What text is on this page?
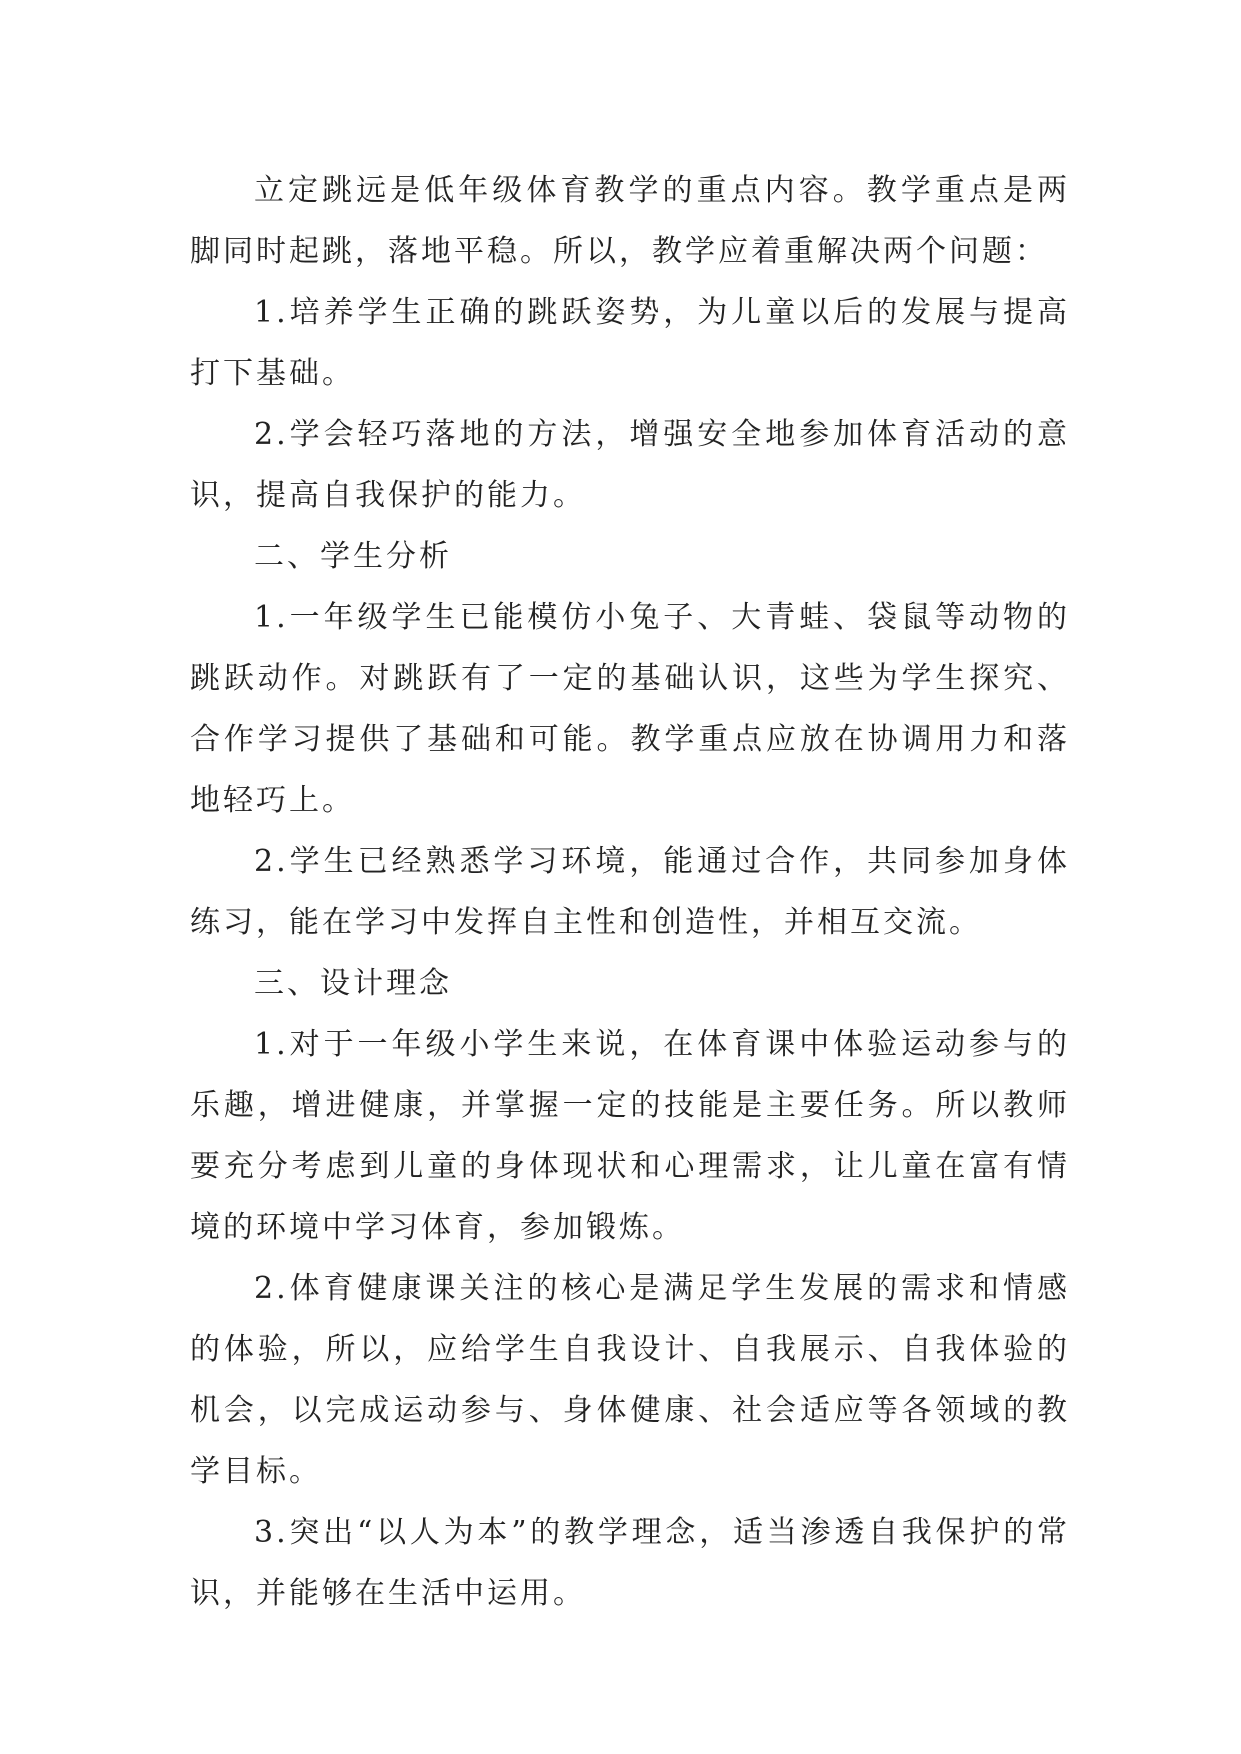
立定跳远是低年级体育教学的重点内容。教学重点是两脚同时起跳，落地平稳。所以，教学应着重解决两个问题：

1.培养学生正确的跳跃姿势，为儿童以后的发展与提高打下基础。

2.学会轻巧落地的方法，增强安全地参加体育活动的意识，提高自我保护的能力。

二、学生分析

1.一年级学生已能模仿小兔子、大青蛙、袋鼠等动物的跳跃动作。对跳跃有了一定的基础认识，这些为学生探究、合作学习提供了基础和可能。教学重点应放在协调用力和落地轻巧上。

2.学生已经熟悉学习环境，能通过合作，共同参加身体练习，能在学习中发挥自主性和创造性，并相互交流。

三、设计理念

1.对于一年级小学生来说，在体育课中体验运动参与的乐趣，增进健康，并掌握一定的技能是主要任务。所以教师要充分考虑到儿童的身体现状和心理需求，让儿童在富有情境的环境中学习体育，参加锻炼。

2.体育健康课关注的核心是满足学生发展的需求和情感的体验，所以，应给学生自我设计、自我展示、自我体验的机会，以完成运动参与、身体健康、社会适应等各领域的教学目标。

3.突出“以人为本”的教学理念，适当渗透自我保护的常识，并能够在生活中运用。
